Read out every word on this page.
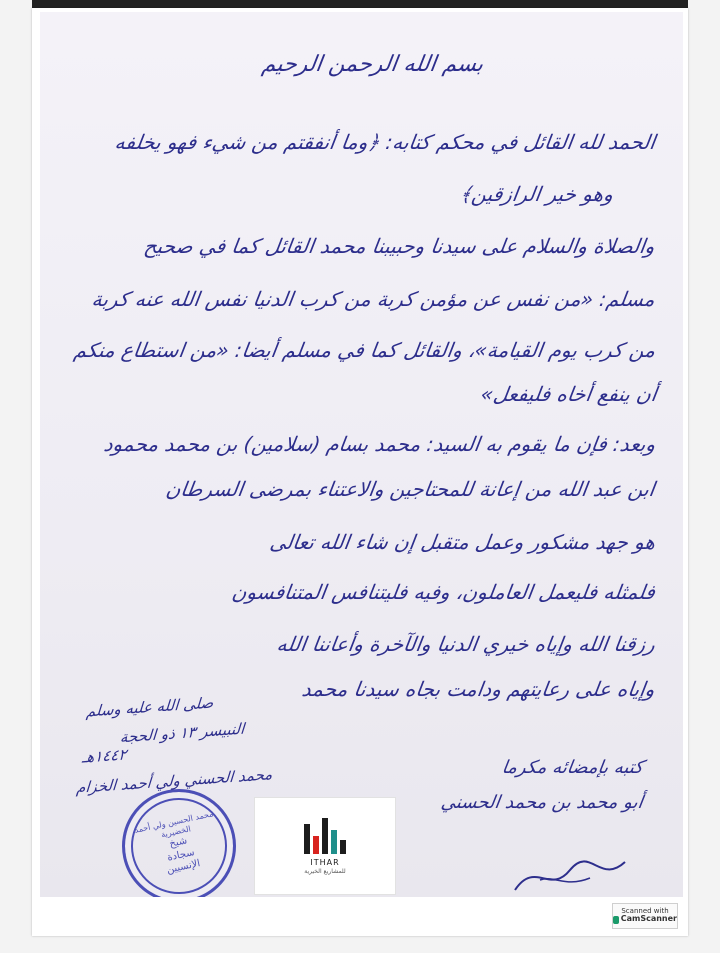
بسم الله الرحمن الرحيم
الحمد لله القائل في محكم كتابه: ﴿وما أنفقتم من شيء فهو يخلفه
وهو خير الرازقين﴾
والصلاة والسلام على سيدنا وحبيبنا محمد القائل كما في صحيح
مسلم: «من نفس عن مؤمن كربة من كرب الدنيا نفس الله عنه كربة
من كرب يوم القيامة»، والقائل كما في مسلم أيضا: «من استطاع منكم
أن ينفع أخاه فليفعل»
وبعد: فإن ما يقوم به السيد: محمد بسام (سلامين) بن محمد محمود
ابن عبد الله من إعانة للمحتاجين والاعتناء بمرضى السرطان
هو جهد مشكور وعمل متقبل إن شاء الله تعالى
فلمثله فليعمل العاملون، وفيه فليتنافس المتنافسون
رزقنا الله وإياه خيري الدنيا والآخرة وأعاننا الله
وإياه على رعايتهم ودامت بجاه سيدنا محمد
كتبه بإمضائه مكرما
أبو محمد بن محمد الحسني
صلى الله عليه وسلم
النبيسر ١٣ ذو الحجة
١٤٤٢هـ
محمد الحسني ولي أحمد الخزام
محمد الحسين ولي أحمد الخضيرية
شيخ
سجادة
الإنسيين	ITHAR
للمشاريع الخيرية
Scanned with
CamScanner
